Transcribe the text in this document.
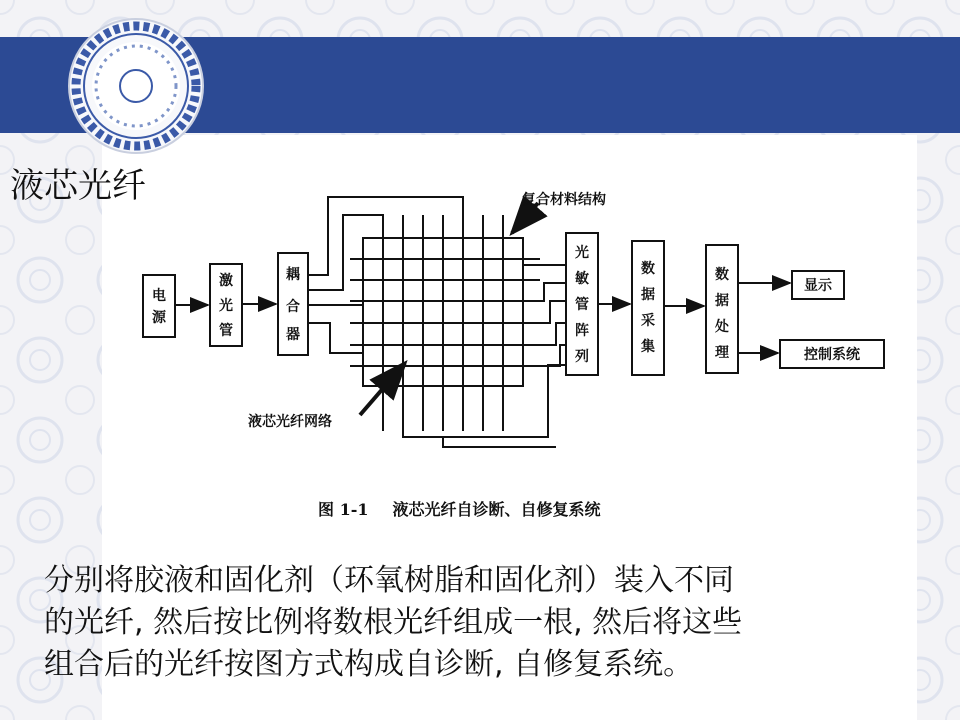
液芯光纤
电
源
激
光
管
耦
合
器
光
敏
管
阵
列
数
据
采
集
数
据
处
理
显示
控制系统
复合材料结构
液芯光纤网络
图 1-1 液芯光纤自诊断、自修复系统

分别将胶液和固化剂（环氧树脂和固化剂）装入不同
的光纤, 然后按比例将数根光纤组成一根, 然后将这些
组合后的光纤按图方式构成自诊断, 自修复系统。
